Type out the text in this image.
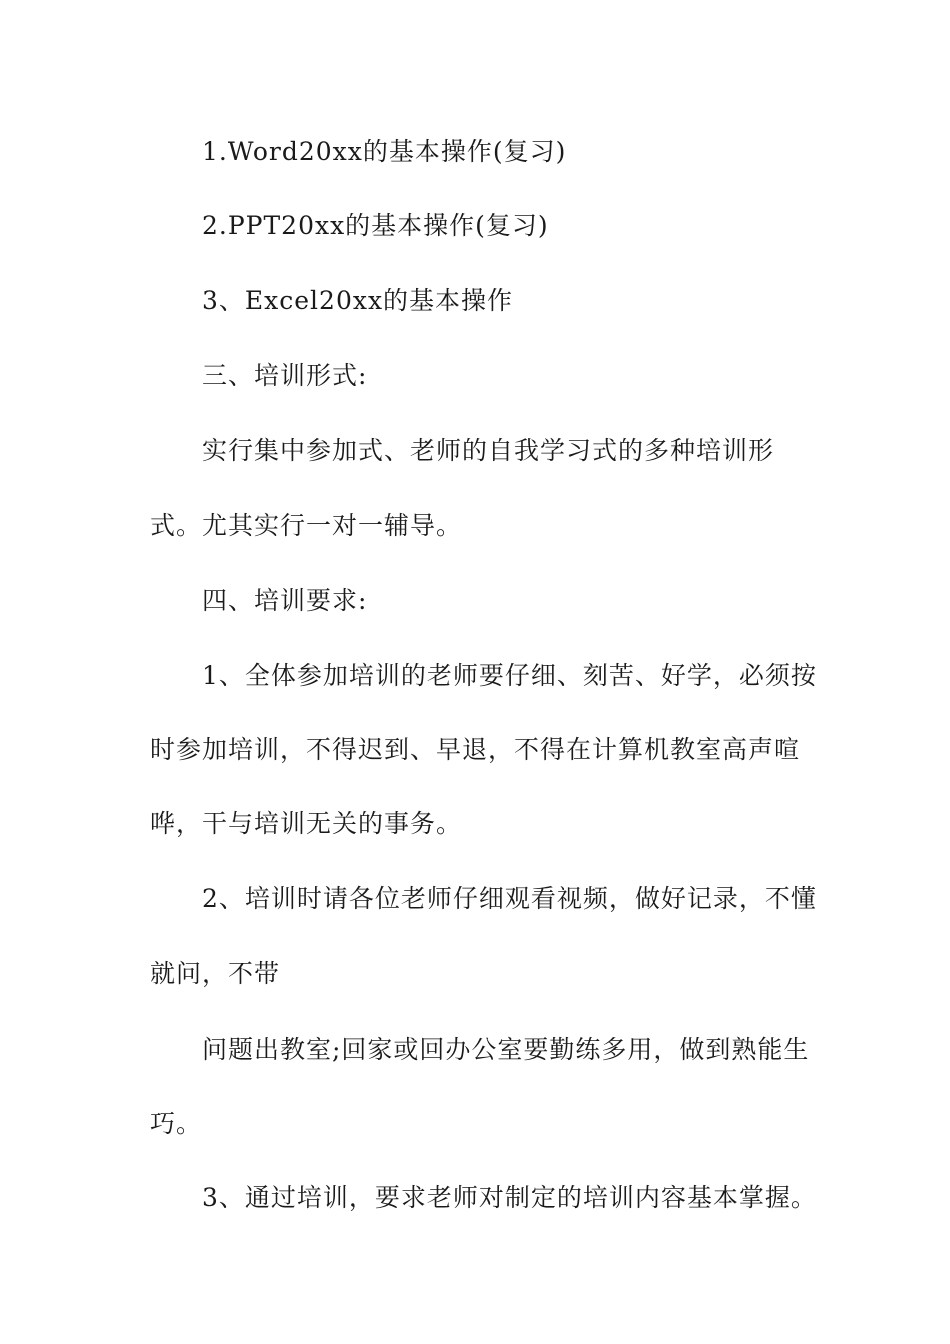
1.Word20xx的基本操作(复习)
2.PPT20xx的基本操作(复习)
3、Excel20xx的基本操作
三、培训形式:
实行集中参加式、老师的自我学习式的多种培训形
式。尤其实行一对一辅导。
四、培训要求:
1、全体参加培训的老师要仔细、刻苦、好学，必须按
时参加培训，不得迟到、早退，不得在计算机教室高声喧
哗，干与培训无关的事务。
2、培训时请各位老师仔细观看视频，做好记录，不懂
就问，不带
问题出教室;回家或回办公室要勤练多用，做到熟能生
巧。
3、通过培训，要求老师对制定的培训内容基本掌握。
